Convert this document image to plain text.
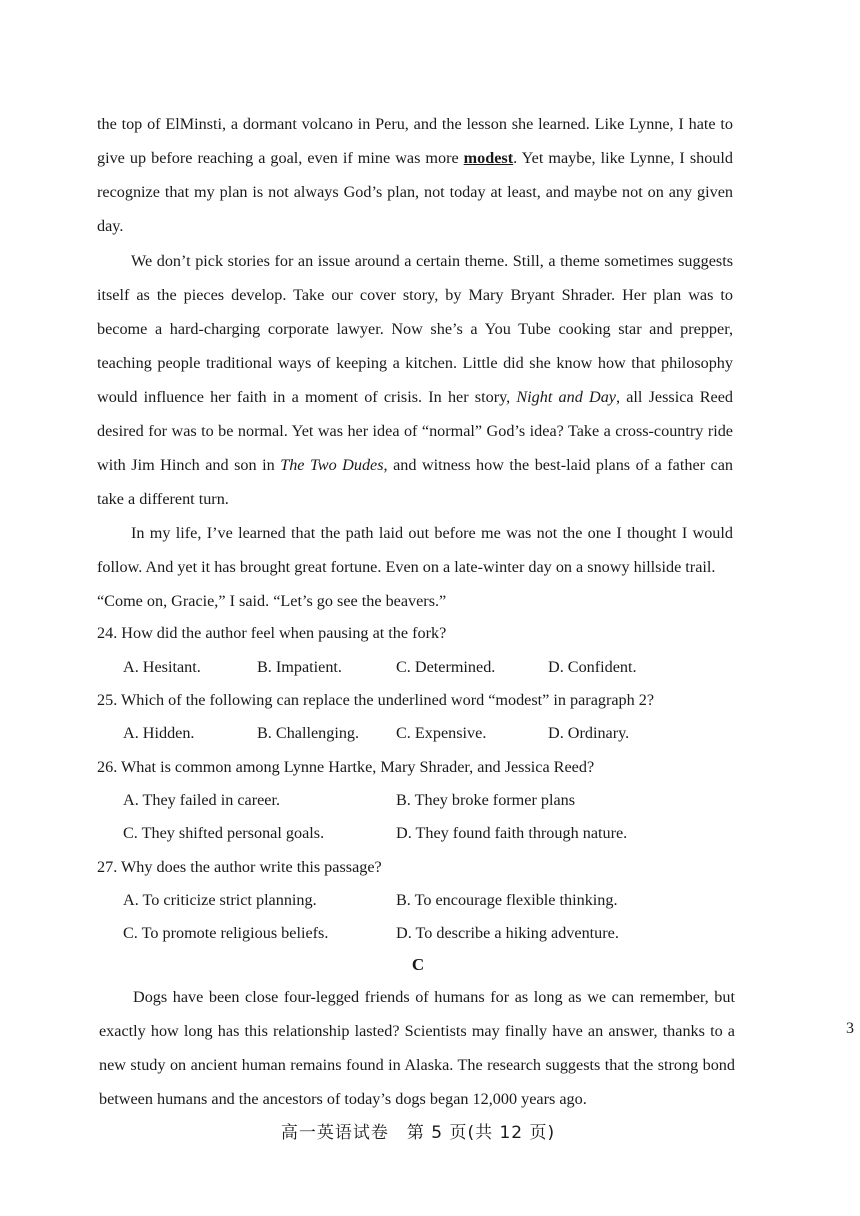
the top of ElMinsti, a dormant volcano in Peru, and the lesson she learned. Like Lynne, I hate to give up before reaching a goal, even if mine was more modest. Yet maybe, like Lynne, I should recognize that my plan is not always God’s plan, not today at least, and maybe not on any given day.

We don’t pick stories for an issue around a certain theme. Still, a theme sometimes suggests itself as the pieces develop. Take our cover story, by Mary Bryant Shrader. Her plan was to become a hard-charging corporate lawyer. Now she’s a You Tube cooking star and prepper, teaching people traditional ways of keeping a kitchen. Little did she know how that philosophy would influence her faith in a moment of crisis. In her story, Night and Day, all Jessica Reed desired for was to be normal. Yet was her idea of “normal” God’s idea? Take a cross-country ride with Jim Hinch and son in The Two Dudes, and witness how the best-laid plans of a father can take a different turn.

In my life, I’ve learned that the path laid out before me was not the one I thought I would follow. And yet it has brought great fortune. Even on a late-winter day on a snowy hillside trail.

“Come on, Gracie,” I said. “Let’s go see the beavers.”

24. How did the author feel when pausing at the fork?

A. Hesitant.	B. Impatient.	C. Determined.	D. Confident.

25. Which of the following can replace the underlined word “modest” in paragraph 2?

A. Hidden.	B. Challenging. C. Expensive.	D. Ordinary.

26. What is common among Lynne Hartke, Mary Shrader, and Jessica Reed?

A. They failed in career.	B. They broke former plans

C. They shifted personal goals.	D. They found faith through nature.

27. Why does the author write this passage?

A. To criticize strict planning.	B. To encourage flexible thinking.

C. To promote religious beliefs.	D. To describe a hiking adventure.

C

Dogs have been close four-legged friends of humans for as long as we can remember, but exactly how long has this relationship lasted? Scientists may finally have an answer, thanks to a new study on ancient human remains found in Alaska. The research suggests that the strong bond between humans and the ancestors of today’s dogs began 12,000 years ago.

3
高一英语试卷　第 5 页(共 12 页)
